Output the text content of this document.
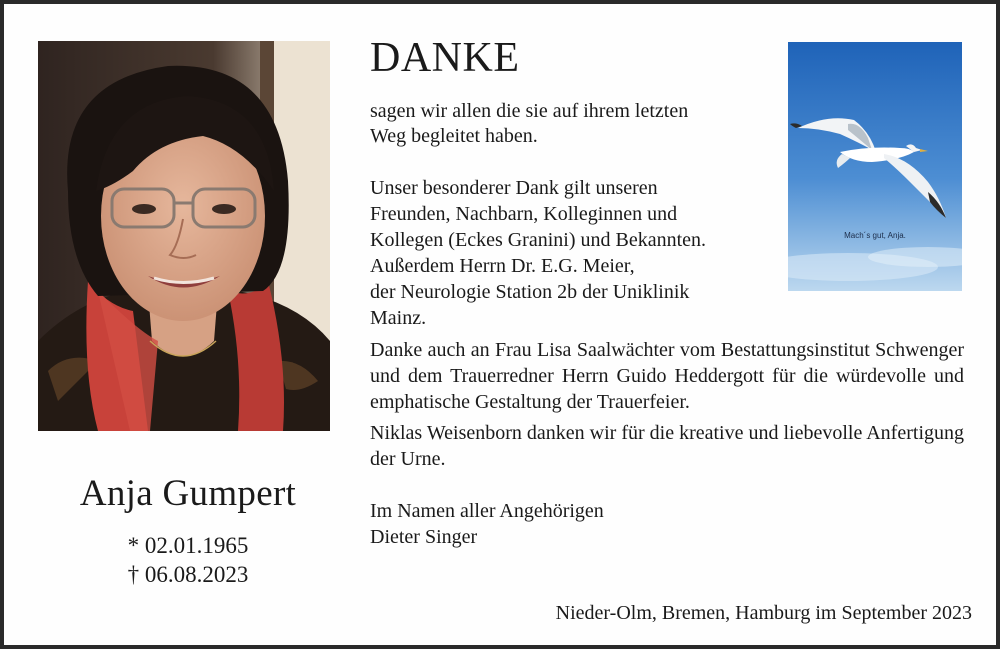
Anja Gumpert
* 02.01.1965
† 06.08.2023
DANKE
sagen wir allen die sie auf ihrem letzten
Weg begleitet haben.
Unser besonderer Dank gilt unseren
Freunden, Nachbarn, Kolleginnen und
Kollegen (Eckes Granini) und Bekannten.
Außerdem Herrn Dr. E.G. Meier,
der Neurologie Station 2b der Uniklinik
Mainz.
Danke auch an Frau Lisa Saalwächter vom Bestattungsinstitut Schwenger und dem Trauerredner Herrn Guido Heddergott für die würdevolle und emphatische Gestaltung der Trauerfeier.
Niklas Weisenborn danken wir für die kreative und liebevolle Anfertigung der Urne.
Im Namen aller Angehörigen
Dieter Singer
Nieder-Olm, Bremen, Hamburg im September 2023
Mach´s gut, Anja.
